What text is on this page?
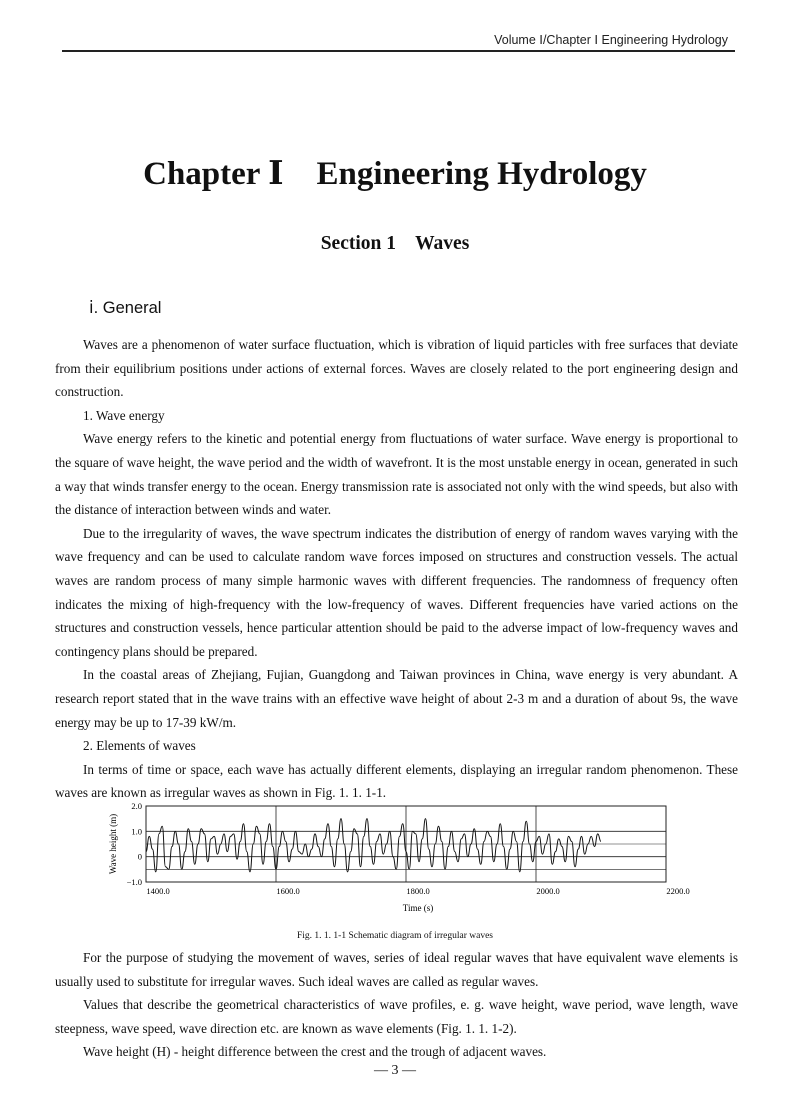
Volume Ⅰ/Chapter Ⅰ Engineering Hydrology
Chapter Ⅰ    Engineering Hydrology
Section 1    Waves
ⅰ. General

Waves are a phenomenon of water surface fluctuation, which is vibration of liquid particles with free surfaces that deviate from their equilibrium positions under actions of external forces. Waves are closely related to the port engineering design and construction.

1. Wave energy

Wave energy refers to the kinetic and potential energy from fluctuations of water surface. Wave energy is proportional to the square of wave height, the wave period and the width of wavefront. It is the most unstable energy in ocean, generated in such a way that winds transfer energy to the ocean. Energy transmission rate is associated not only with the wind speeds, but also with the distance of interaction between winds and water.

Due to the irregularity of waves, the wave spectrum indicates the distribution of energy of random waves varying with the wave frequency and can be used to calculate random wave forces imposed on structures and construction vessels. The actual waves are random process of many simple harmonic waves with different frequencies. The randomness of frequency often indicates the mixing of high-frequency with the low-frequency of waves. Different frequencies have varied actions on the structures and construction vessels, hence particular attention should be paid to the adverse impact of low-frequency waves and contingency plans should be prepared.

In the coastal areas of Zhejiang, Fujian, Guangdong and Taiwan provinces in China, wave energy is very abundant. A research report stated that in the wave trains with an effective wave height of about 2-3 m and a duration of about 9s, the wave energy may be up to 17-39 kW/m.

2. Elements of waves

In terms of time or space, each wave has actually different elements, displaying an irregular random phenomenon. These waves are known as irregular waves as shown in Fig. 1. 1. 1-1.

2.0
1.0
0
−1.0
1400.0	1600.0	1800.0	2000.0	2200.0
Time (s)
Wave height (m)
Fig. 1. 1. 1-1 Schematic diagram of irregular waves

For the purpose of studying the movement of waves, series of ideal regular waves that have equivalent wave elements is usually used to substitute for irregular waves. Such ideal waves are called as regular waves.

Values that describe the geometrical characteristics of wave profiles, e. g. wave height, wave period, wave length, wave steepness, wave speed, wave direction etc. are known as wave elements (Fig. 1. 1. 1-2).

Wave height (H) - height difference between the crest and the trough of adjacent waves.

— 3 —
